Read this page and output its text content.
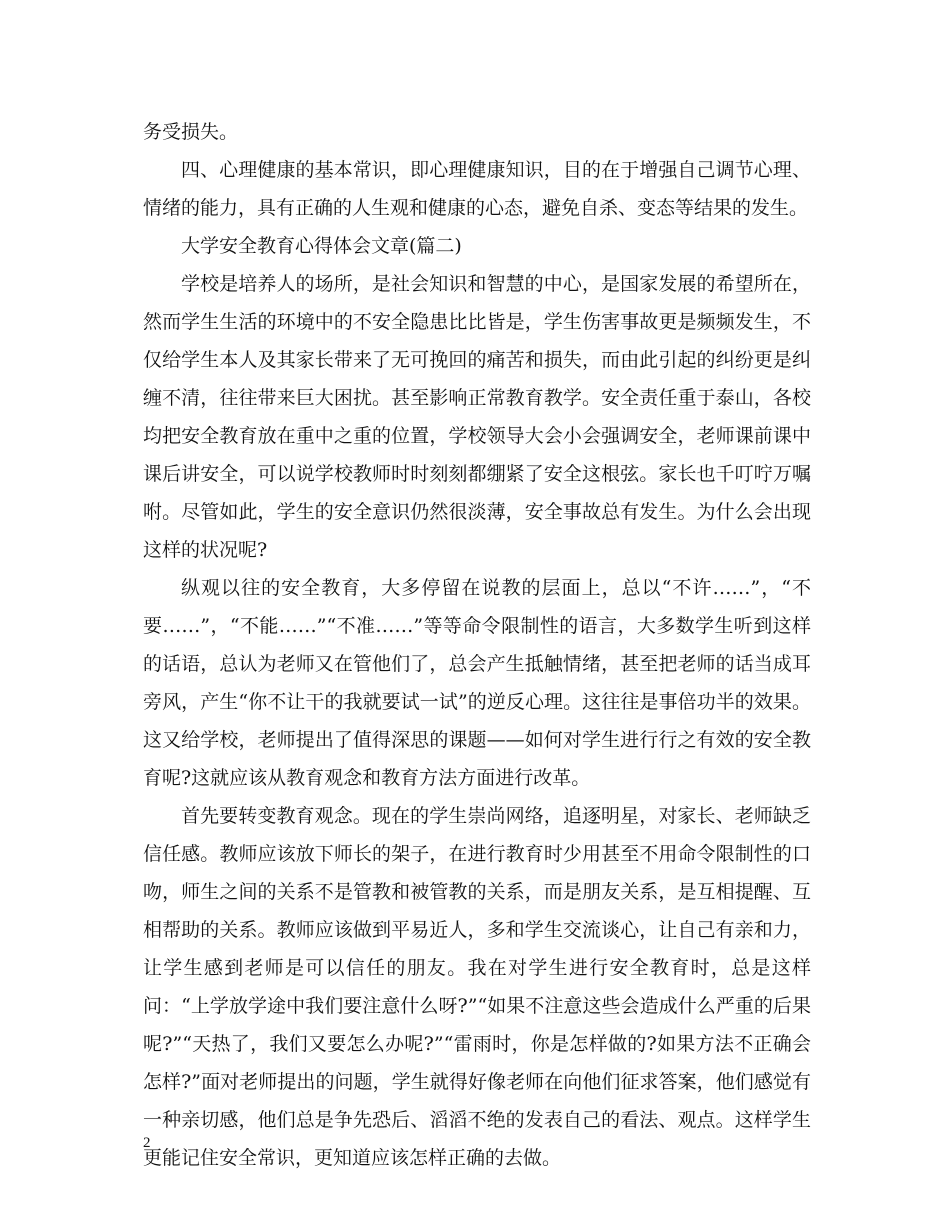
务受损失。

四、心理健康的基本常识，即心理健康知识，目的在于增强自己调节心理、情绪的能力，具有正确的人生观和健康的心态，避免自杀、变态等结果的发生。

大学安全教育心得体会文章(篇二)

学校是培养人的场所，是社会知识和智慧的中心，是国家发展的希望所在，然而学生生活的环境中的不安全隐患比比皆是，学生伤害事故更是频频发生，不仅给学生本人及其家长带来了无可挽回的痛苦和损失，而由此引起的纠纷更是纠缠不清，往往带来巨大困扰。甚至影响正常教育教学。安全责任重于泰山，各校均把安全教育放在重中之重的位置，学校领导大会小会强调安全，老师课前课中课后讲安全，可以说学校教师时时刻刻都绷紧了安全这根弦。家长也千叮咛万嘱咐。尽管如此，学生的安全意识仍然很淡薄，安全事故总有发生。为什么会出现这样的状况呢?

纵观以往的安全教育，大多停留在说教的层面上，总以“不许……”，“不要……”，“不能……”“不准……”等等命令限制性的语言，大多数学生听到这样的话语，总认为老师又在管他们了，总会产生抵触情绪，甚至把老师的话当成耳旁风，产生“你不让干的我就要试一试”的逆反心理。这往往是事倍功半的效果。这又给学校，老师提出了值得深思的课题——如何对学生进行行之有效的安全教育呢?这就应该从教育观念和教育方法方面进行改革。

首先要转变教育观念。现在的学生崇尚网络，追逐明星，对家长、老师缺乏信任感。教师应该放下师长的架子，在进行教育时少用甚至不用命令限制性的口吻，师生之间的关系不是管教和被管教的关系，而是朋友关系，是互相提醒、互相帮助的关系。教师应该做到平易近人，多和学生交流谈心，让自己有亲和力，让学生感到老师是可以信任的朋友。我在对学生进行安全教育时，总是这样问：“上学放学途中我们要注意什么呀?”“如果不注意这些会造成什么严重的后果呢?”“天热了，我们又要怎么办呢?”“雷雨时，你是怎样做的?如果方法不正确会怎样?”面对老师提出的问题，学生就得好像老师在向他们征求答案，他们感觉有一种亲切感，他们总是争先恐后、滔滔不绝的发表自己的看法、观点。这样学生更能记住安全常识，更知道应该怎样正确的去做。

2
